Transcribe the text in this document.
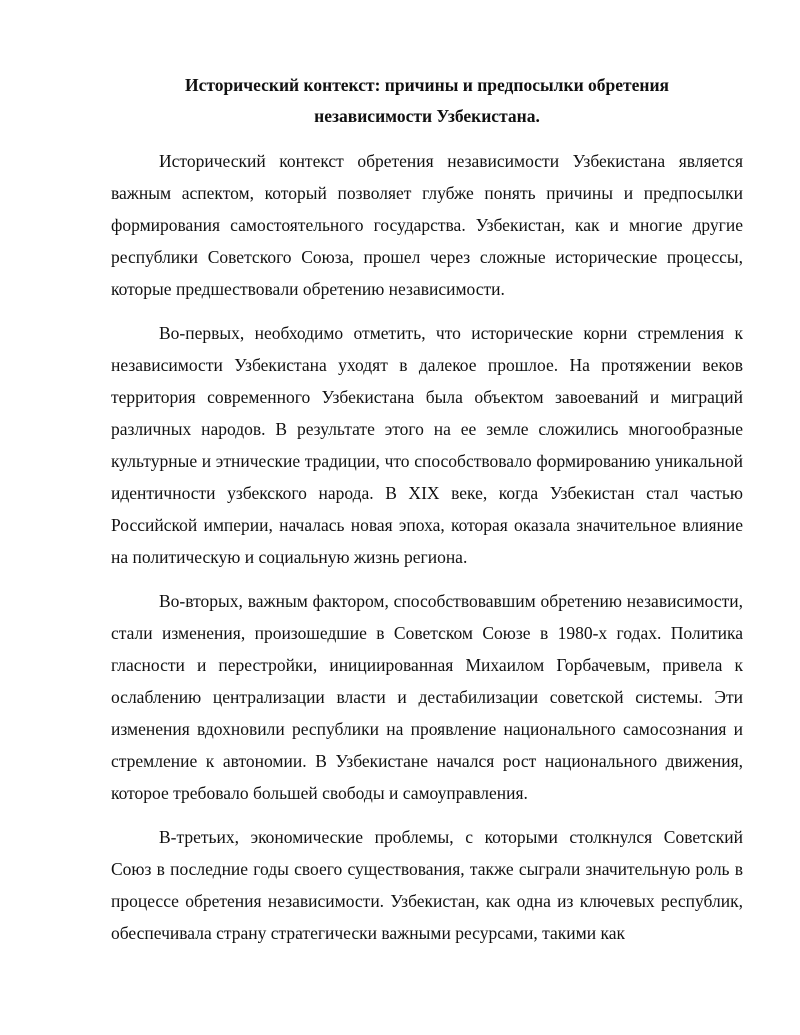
Исторический контекст: причины и предпосылки обретения
независимости Узбекистана.

Исторический контекст обретения независимости Узбекистана является важным аспектом, который позволяет глубже понять причины и предпосылки формирования самостоятельного государства. Узбекистан, как и многие другие республики Советского Союза, прошел через сложные исторические процессы, которые предшествовали обретению независимости.

Во-первых, необходимо отметить, что исторические корни стремления к независимости Узбекистана уходят в далекое прошлое. На протяжении веков территория современного Узбекистана была объектом завоеваний и миграций различных народов. В результате этого на ее земле сложились многообразные культурные и этнические традиции, что способствовало формированию уникальной идентичности узбекского народа. В XIX веке, когда Узбекистан стал частью Российской империи, началась новая эпоха, которая оказала значительное влияние на политическую и социальную жизнь региона.

Во-вторых, важным фактором, способствовавшим обретению независимости, стали изменения, произошедшие в Советском Союзе в 1980-х годах. Политика гласности и перестройки, инициированная Михаилом Горбачевым, привела к ослаблению централизации власти и дестабилизации советской системы. Эти изменения вдохновили республики на проявление национального самосознания и стремление к автономии. В Узбекистане начался рост национального движения, которое требовало большей свободы и самоуправления.

В-третьих, экономические проблемы, с которыми столкнулся Советский Союз в последние годы своего существования, также сыграли значительную роль в процессе обретения независимости. Узбекистан, как одна из ключевых республик, обеспечивала страну стратегически важными ресурсами, такими как
